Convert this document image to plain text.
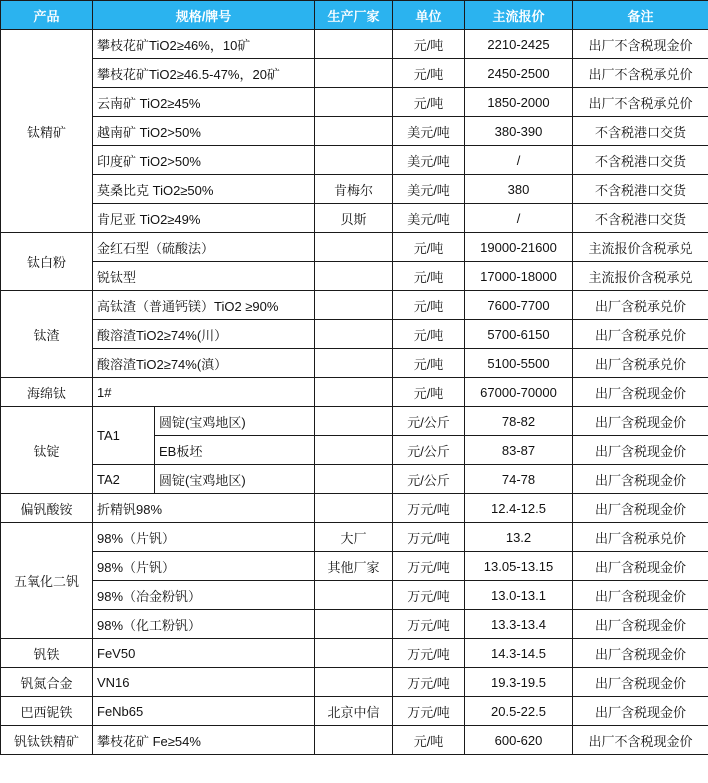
产品	规格/牌号		生产厂家	单位	主流报价	备注
钛精矿	攀枝花矿TiO2≥46%，10矿			元/吨	2210-2425	出厂不含税现金价
	攀枝花矿TiO2≥46.5-47%，20矿			元/吨	2450-2500	出厂不含税承兑价
	云南矿 TiO2≥45%			元/吨	1850-2000	出厂不含税承兑价
	越南矿 TiO2>50%			美元/吨	380-390	不含税港口交货
	印度矿 TiO2>50%			美元/吨	/	不含税港口交货
	莫桑比克 TiO2≥50%		肯梅尔	美元/吨	380	不含税港口交货
	肯尼亚 TiO2≥49%		贝斯	美元/吨	/	不含税港口交货
钛白粉	金红石型（硫酸法）			元/吨	19000-21600	主流报价含税承兑
	锐钛型			元/吨	17000-18000	主流报价含税承兑
钛渣	高钛渣（普通钙镁）TiO2 ≥90%			元/吨	7600-7700	出厂含税承兑价
	酸溶渣TiO2≥74%(川）			元/吨	5700-6150	出厂含税承兑价
	酸溶渣TiO2≥74%(滇）			元/吨	5100-5500	出厂含税承兑价
海绵钛	1#			元/吨	67000-70000	出厂含税现金价
钛锭	TA1	圆锭(宝鸡地区)		元/公斤	78-82	出厂含税现金价
		EB板坯		元/公斤	83-87	出厂含税现金价
	TA2	圆锭(宝鸡地区)		元/公斤	74-78	出厂含税现金价
偏钒酸铵	折精钒98%			万元/吨	12.4-12.5	出厂含税现金价
五氧化二钒	98%（片钒）		大厂	万元/吨	13.2	出厂含税承兑价
	98%（片钒）		其他厂家	万元/吨	13.05-13.15	出厂含税现金价
	98%（冶金粉钒）			万元/吨	13.0-13.1	出厂含税现金价
	98%（化工粉钒）			万元/吨	13.3-13.4	出厂含税现金价
钒铁	FeV50			万元/吨	14.3-14.5	出厂含税现金价
钒氮合金	VN16			万元/吨	19.3-19.5	出厂含税现金价
巴西铌铁	FeNb65		北京中信	万元/吨	20.5-22.5	出厂含税现金价
钒钛铁精矿	攀枝花矿 Fe≥54%			元/吨	600-620	出厂不含税现金价
